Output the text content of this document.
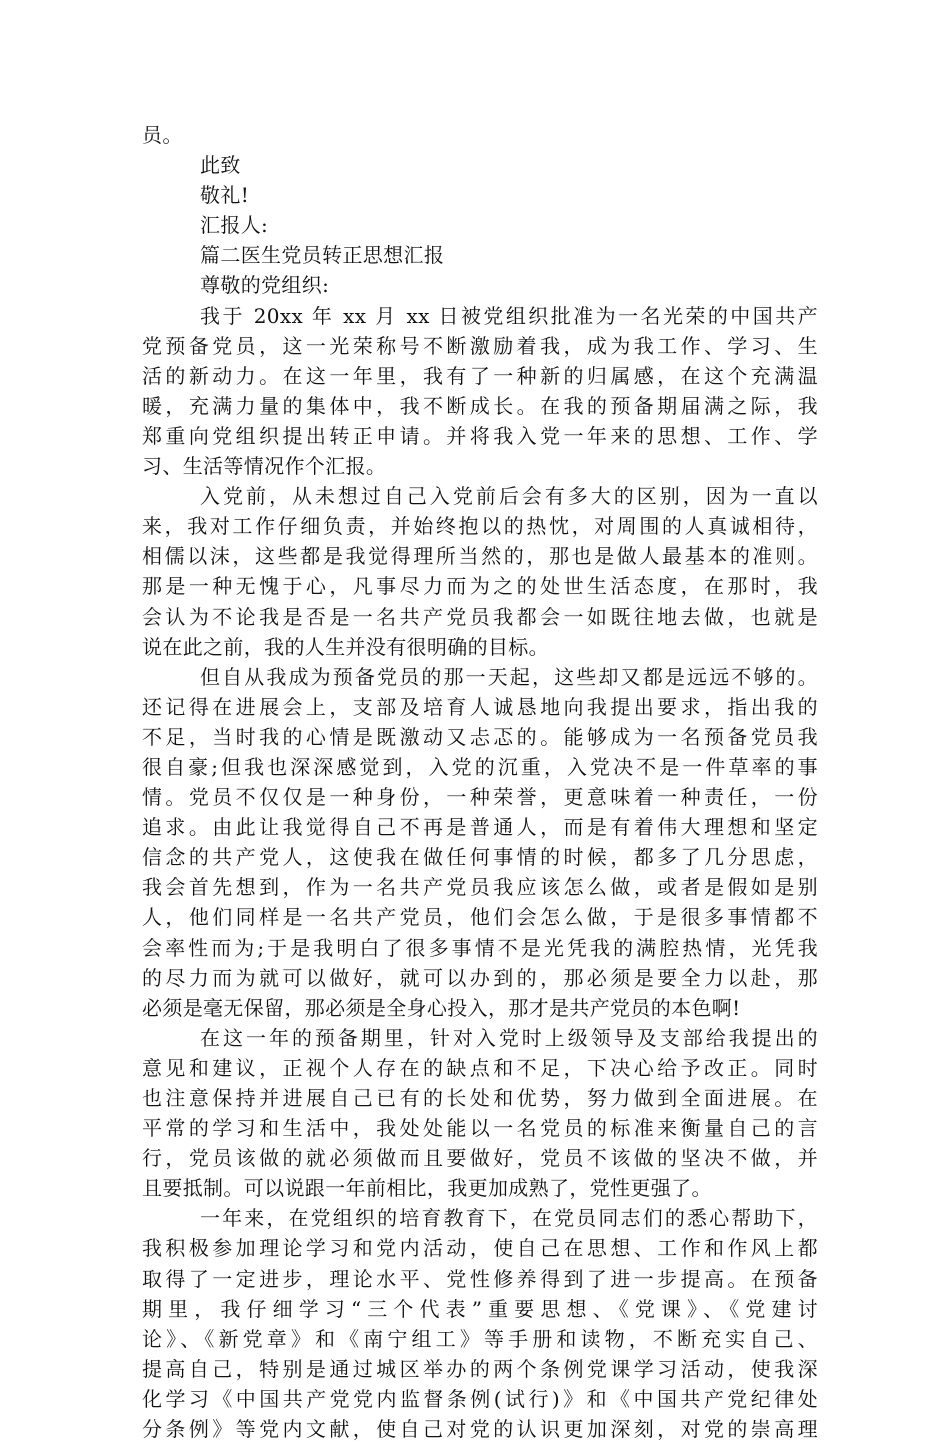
员。

此致

敬礼!

汇报人:

篇二医生党员转正思想汇报

尊敬的党组织:

我于 20xx 年 xx 月 xx 日被党组织批准为一名光荣的中国共产

党预备党员，这一光荣称号不断激励着我，成为我工作、学习、生

活的新动力。在这一年里，我有了一种新的归属感，在这个充满温

暖，充满力量的集体中，我不断成长。在我的预备期届满之际，我

郑重向党组织提出转正申请。并将我入党一年来的思想、工作、学

习、生活等情况作个汇报。

入党前，从未想过自己入党前后会有多大的区别，因为一直以

来，我对工作仔细负责，并始终抱以的热忱，对周围的人真诚相待，

相儒以沫，这些都是我觉得理所当然的，那也是做人最基本的准则。

那是一种无愧于心，凡事尽力而为之的处世生活态度，在那时，我

会认为不论我是否是一名共产党员我都会一如既往地去做，也就是

说在此之前，我的人生并没有很明确的目标。

但自从我成为预备党员的那一天起，这些却又都是远远不够的。

还记得在进展会上，支部及培育人诚恳地向我提出要求，指出我的

不足，当时我的心情是既激动又忐忑的。能够成为一名预备党员我

很自豪;但我也深深感觉到，入党的沉重，入党决不是一件草率的事

情。党员不仅仅是一种身份，一种荣誉，更意味着一种责任，一份

追求。由此让我觉得自己不再是普通人，而是有着伟大理想和坚定

信念的共产党人，这使我在做任何事情的时候，都多了几分思虑，

我会首先想到，作为一名共产党员我应该怎么做，或者是假如是别

人，他们同样是一名共产党员，他们会怎么做，于是很多事情都不

会率性而为;于是我明白了很多事情不是光凭我的满腔热情，光凭我

的尽力而为就可以做好，就可以办到的，那必须是要全力以赴，那

必须是毫无保留，那必须是全身心投入，那才是共产党员的本色啊!

在这一年的预备期里，针对入党时上级领导及支部给我提出的

意见和建议，正视个人存在的缺点和不足，下决心给予改正。同时

也注意保持并进展自己已有的长处和优势，努力做到全面进展。在

平常的学习和生活中，我处处能以一名党员的标准来衡量自己的言

行，党员该做的就必须做而且要做好，党员不该做的坚决不做，并

且要抵制。可以说跟一年前相比，我更加成熟了，党性更强了。

一年来，在党组织的培育教育下，在党员同志们的悉心帮助下，

我积极参加理论学习和党内活动，使自己在思想、工作和作风上都

取得了一定进步，理论水平、党性修养得到了进一步提高。在预备

期里，我仔细学习“三个代表”重要思想、《党课》、《党建讨

论》、《新党章》和《南宁组工》等手册和读物，不断充实自己、

提高自己，特别是通过城区举办的两个条例党课学习活动，使我深

化学习《中国共产党党内监督条例(试行)》和《中国共产党纪律处

分条例》等党内文献，使自己对党的认识更加深刻，对党的崇高理
